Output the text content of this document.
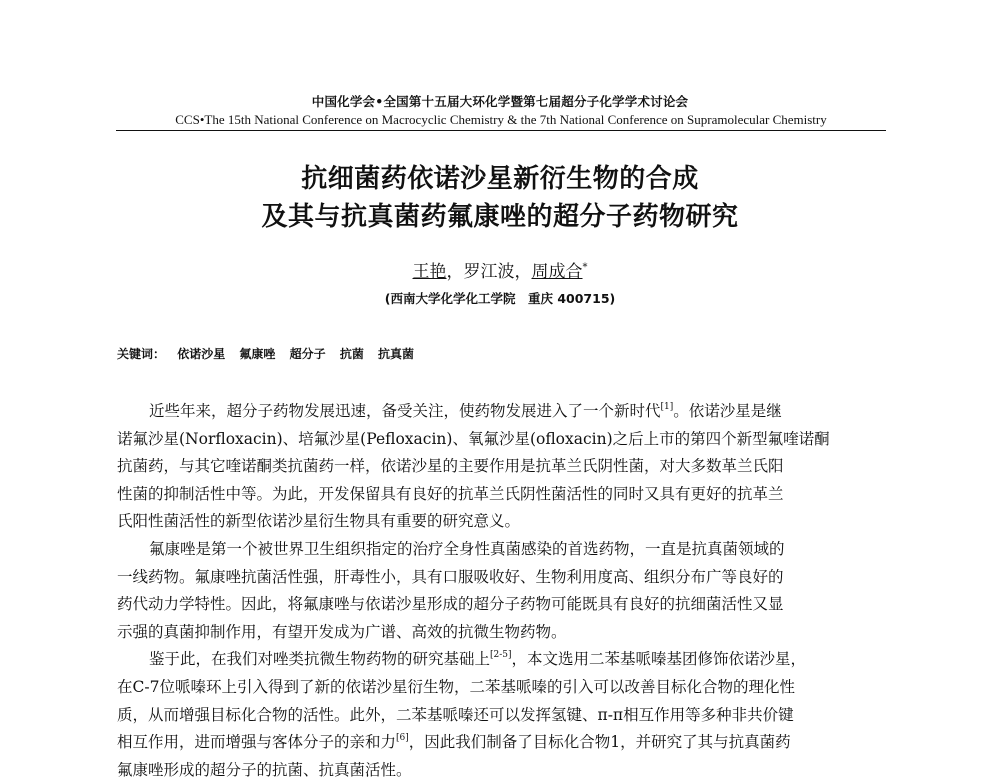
中国化学会•全国第十五届大环化学暨第七届超分子化学学术讨论会
CCS•The 15th National Conference on Macrocyclic Chemistry & the 7th National Conference on Supramolecular Chemistry
抗细菌药依诺沙星新衍生物的合成
及其与抗真菌药氟康唑的超分子药物研究
王艳，罗江波，周成合*
(西南大学化学化工学院　重庆 400715)
关键词： 依诺沙星 氟康唑 超分子 抗菌 抗真菌
近些年来，超分子药物发展迅速，备受关注，使药物发展进入了一个新时代[1]。依诺沙星是继
诺氟沙星(Norfloxacin)、培氟沙星(Pefloxacin)、氧氟沙星(ofloxacin)之后上市的第四个新型氟喹诺酮
抗菌药，与其它喹诺酮类抗菌药一样，依诺沙星的主要作用是抗革兰氏阴性菌，对大多数革兰氏阳
性菌的抑制活性中等。为此，开发保留具有良好的抗革兰氏阴性菌活性的同时又具有更好的抗革兰
氏阳性菌活性的新型依诺沙星衍生物具有重要的研究意义。
氟康唑是第一个被世界卫生组织指定的治疗全身性真菌感染的首选药物，一直是抗真菌领域的
一线药物。氟康唑抗菌活性强，肝毒性小，具有口服吸收好、生物利用度高、组织分布广等良好的
药代动力学特性。因此，将氟康唑与依诺沙星形成的超分子药物可能既具有良好的抗细菌活性又显
示强的真菌抑制作用，有望开发成为广谱、高效的抗微生物药物。
鉴于此，在我们对唑类抗微生物药物的研究基础上[2-5]，本文选用二苯基哌嗪基团修饰依诺沙星，
在C-7位哌嗪环上引入得到了新的依诺沙星衍生物，二苯基哌嗪的引入可以改善目标化合物的理化性
质，从而增强目标化合物的活性。此外，二苯基哌嗪还可以发挥氢键、π-π相互作用等多种非共价键
相互作用，进而增强与客体分子的亲和力[6]，因此我们制备了目标化合物1，并研究了其与抗真菌药
氟康唑形成的超分子的抗菌、抗真菌活性。
